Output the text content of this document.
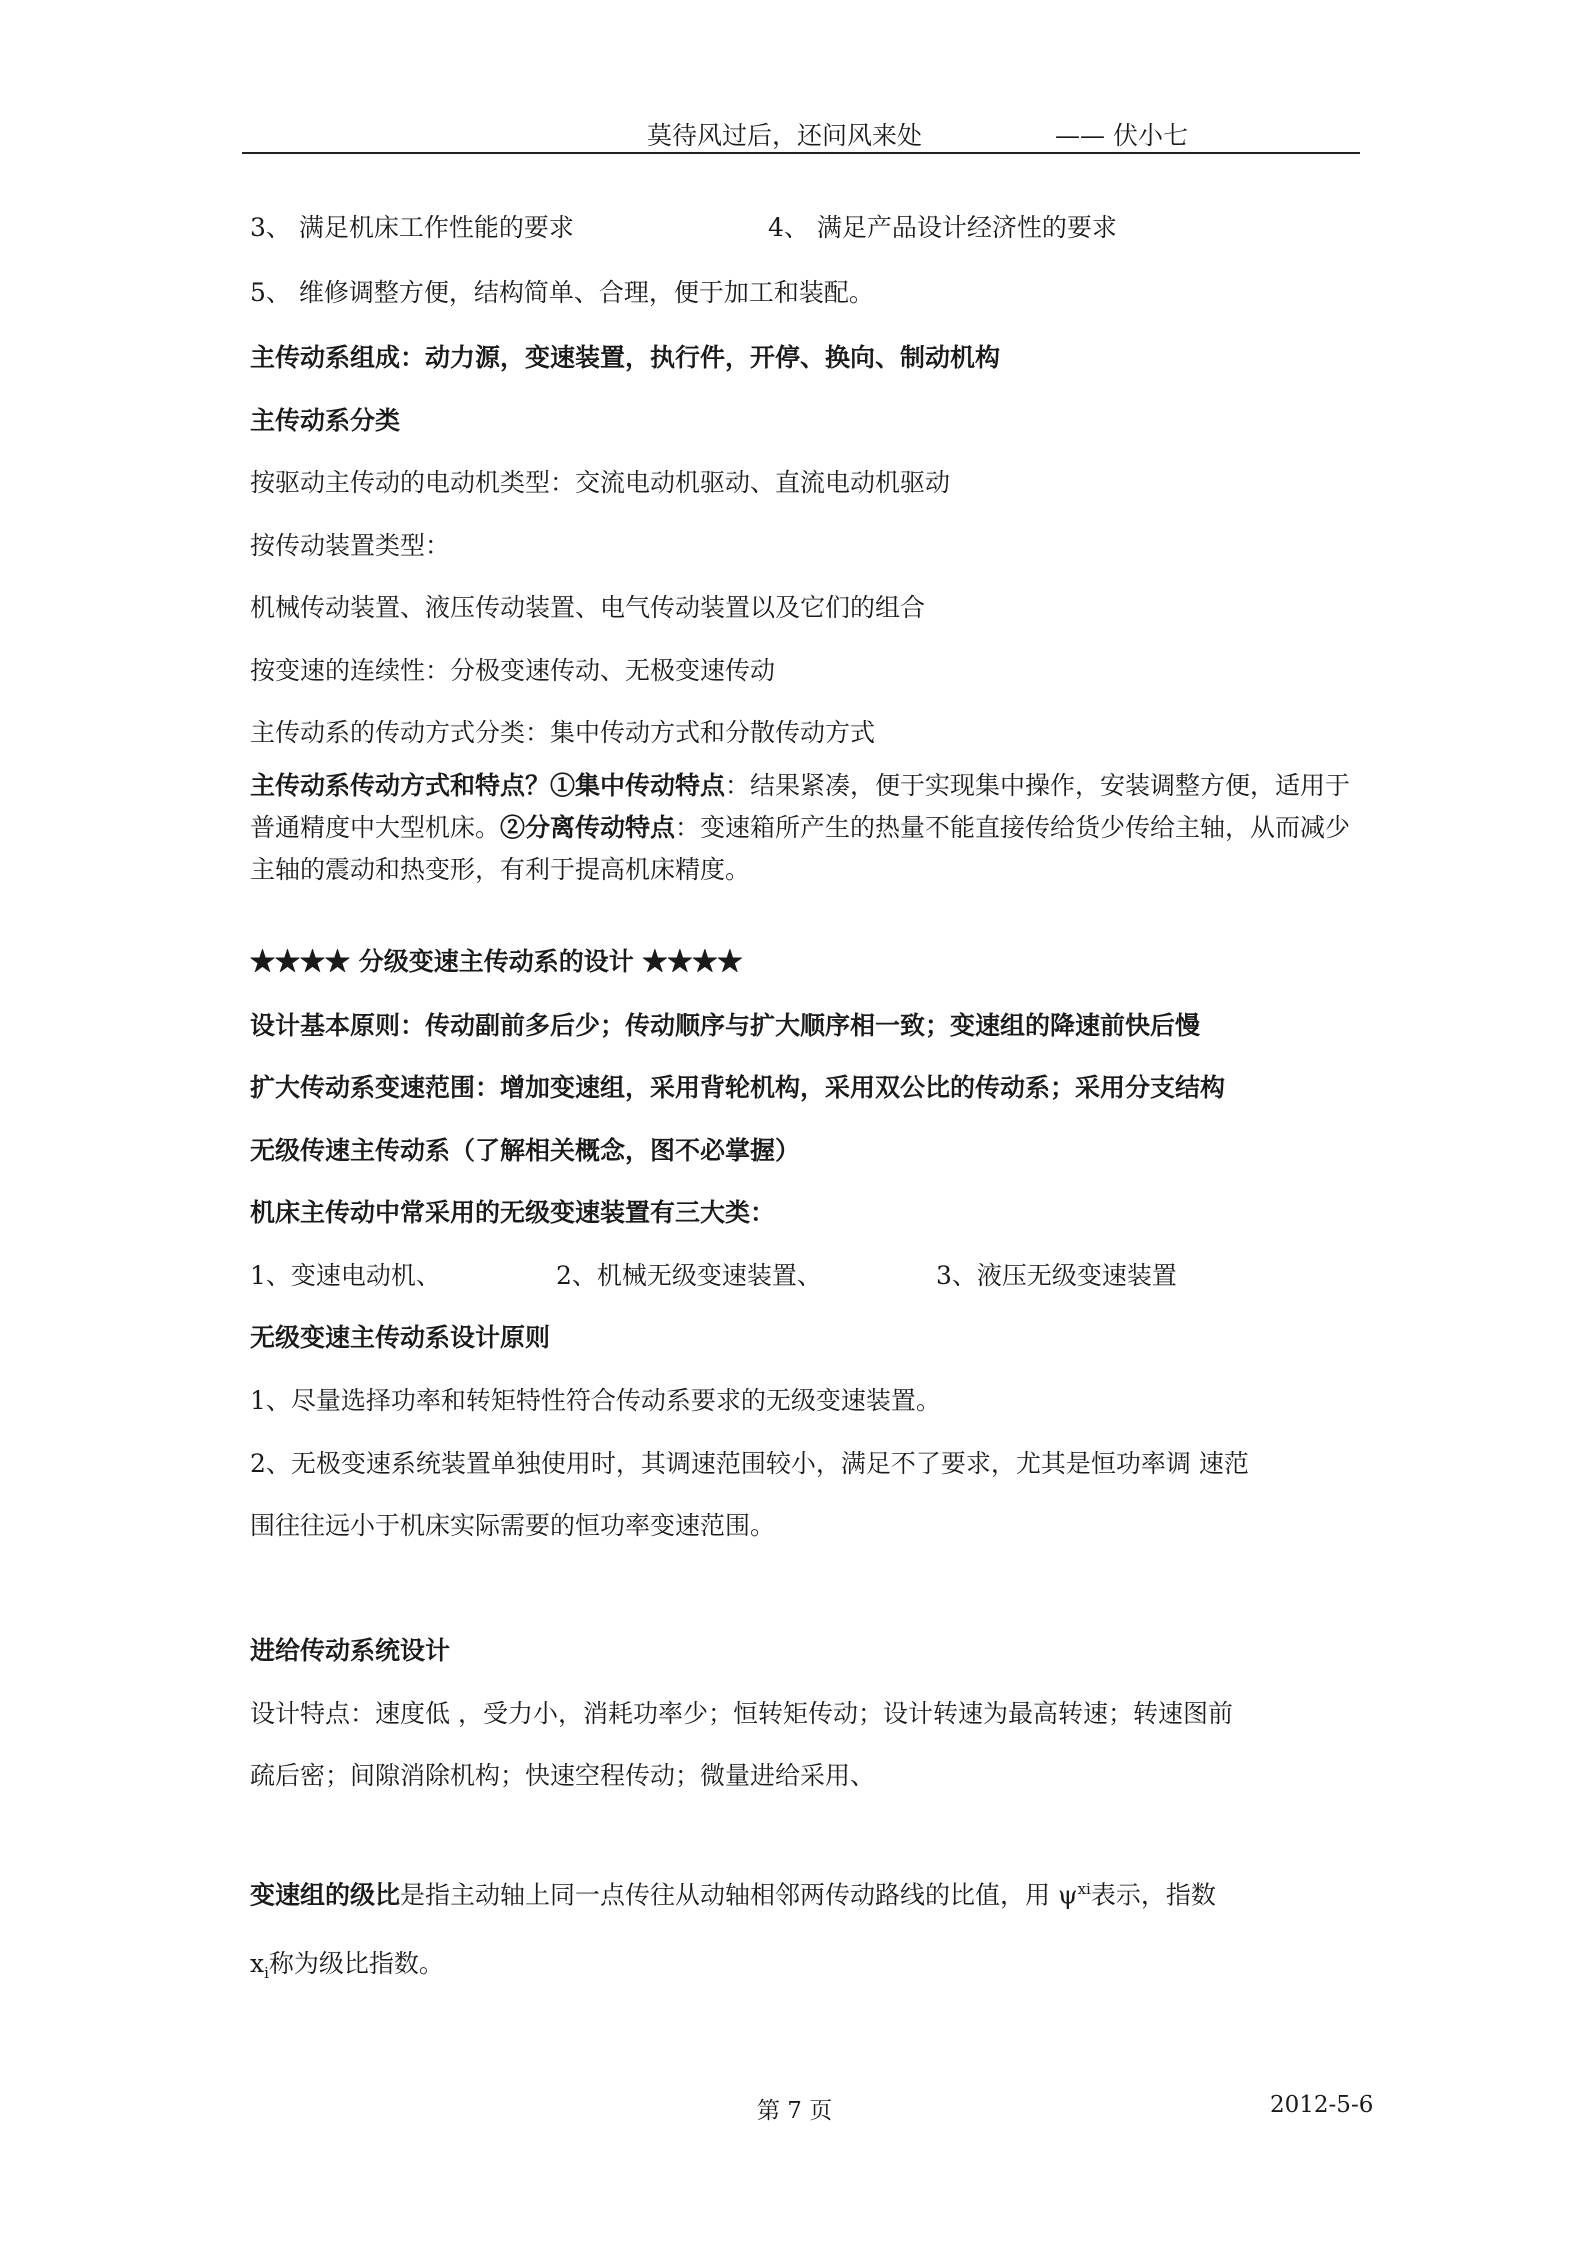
莫待风过后，还问风来处	—— 伏小七
3、 满足机床工作性能的要求	4、 满足产品设计经济性的要求
5、 维修调整方便，结构简单、合理，便于加工和装配。
主传动系组成：动力源，变速装置，执行件，开停、换向、制动机构
主传动系分类
按驱动主传动的电动机类型：交流电动机驱动、直流电动机驱动
按传动装置类型：
机械传动装置、液压传动装置、电气传动装置以及它们的组合
按变速的连续性：分极变速传动、无极变速传动
主传动系的传动方式分类：集中传动方式和分散传动方式
主传动系传动方式和特点？①集中传动特点：结果紧凑，便于实现集中操作，安装调整方便，适用于普通精度中大型机床。②分离传动特点：变速箱所产生的热量不能直接传给货少传给主轴，从而减少主轴的震动和热变形，有利于提高机床精度。
★★★★ 分级变速主传动系的设计 ★★★★
设计基本原则：传动副前多后少；传动顺序与扩大顺序相一致；变速组的降速前快后慢
扩大传动系变速范围：增加变速组，采用背轮机构，采用双公比的传动系；采用分支结构
无级传速主传动系（了解相关概念，图不必掌握）
机床主传动中常采用的无级变速装置有三大类：
1、变速电动机、	2、机械无级变速装置、	3、液压无级变速装置
无级变速主传动系设计原则
1、尽量选择功率和转矩特性符合传动系要求的无级变速装置。
2、无极变速系统装置单独使用时，其调速范围较小，满足不了要求，尤其是恒功率调 速范
围往往远小于机床实际需要的恒功率变速范围。
进给传动系统设计
设计特点：速度低 ，受力小，消耗功率少；恒转矩传动；设计转速为最高转速；转速图前
疏后密；间隙消除机构；快速空程传动；微量进给采用、
变速组的级比是指主动轴上同一点传往从动轴相邻两传动路线的比值，用 $\psi^{xi}$表示，指数
$x_i$称为级比指数。
第 7 页	2012-5-6
